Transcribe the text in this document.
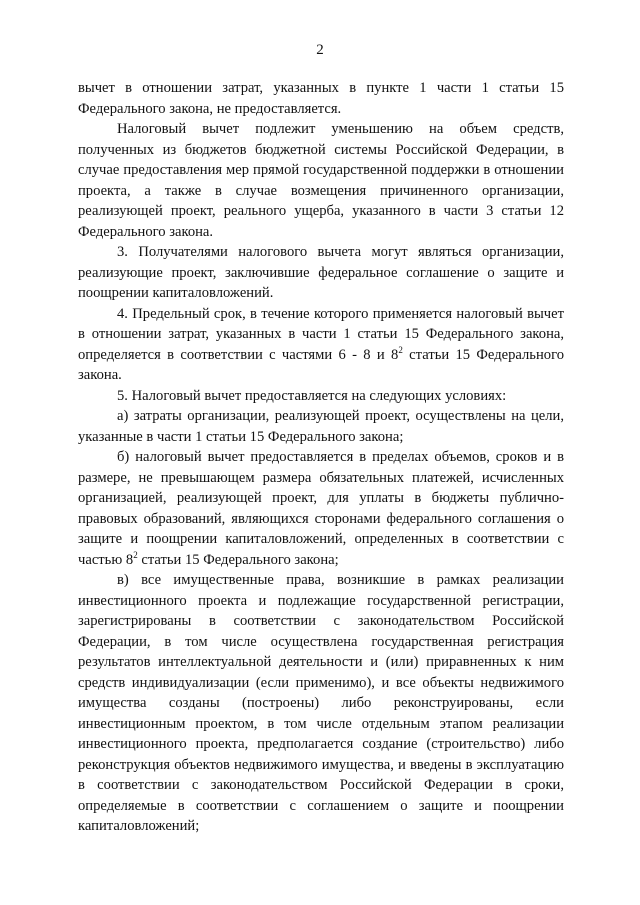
2

вычет в отношении затрат, указанных в пункте 1 части 1 статьи 15 Федерального закона, не предоставляется.

Налоговый вычет подлежит уменьшению на объем средств, полученных из бюджетов бюджетной системы Российской Федерации, в случае предоставления мер прямой государственной поддержки в отношении проекта, а также в случае возмещения причиненного организации, реализующей проект, реального ущерба, указанного в части 3 статьи 12 Федерального закона.

3. Получателями налогового вычета могут являться организации, реализующие проект, заключившие федеральное соглашение о защите и поощрении капиталовложений.

4. Предельный срок, в течение которого применяется налоговый вычет в отношении затрат, указанных в части 1 статьи 15 Федерального закона, определяется в соответствии с частями 6 - 8 и $8^2$ статьи 15 Федерального закона.

5. Налоговый вычет предоставляется на следующих условиях:

а) затраты организации, реализующей проект, осуществлены на цели, указанные в части 1 статьи 15 Федерального закона;

б) налоговый вычет предоставляется в пределах объемов, сроков и в размере, не превышающем размера обязательных платежей, исчисленных организацией, реализующей проект, для уплаты в бюджеты публично-правовых образований, являющихся сторонами федерального соглашения о защите и поощрении капиталовложений, определенных в соответствии с частью $8^2$ статьи 15 Федерального закона;

в) все имущественные права, возникшие в рамках реализации инвестиционного проекта и подлежащие государственной регистрации, зарегистрированы в соответствии с законодательством Российской Федерации, в том числе осуществлена государственная регистрация результатов интеллектуальной деятельности и (или) приравненных к ним средств индивидуализации (если применимо), и все объекты недвижимого имущества созданы (построены) либо реконструированы, если инвестиционным проектом, в том числе отдельным этапом реализации инвестиционного проекта, предполагается создание (строительство) либо реконструкция объектов недвижимого имущества, и введены в эксплуатацию в соответствии с законодательством Российской Федерации в сроки, определяемые в соответствии с соглашением о защите и поощрении капиталовложений;
